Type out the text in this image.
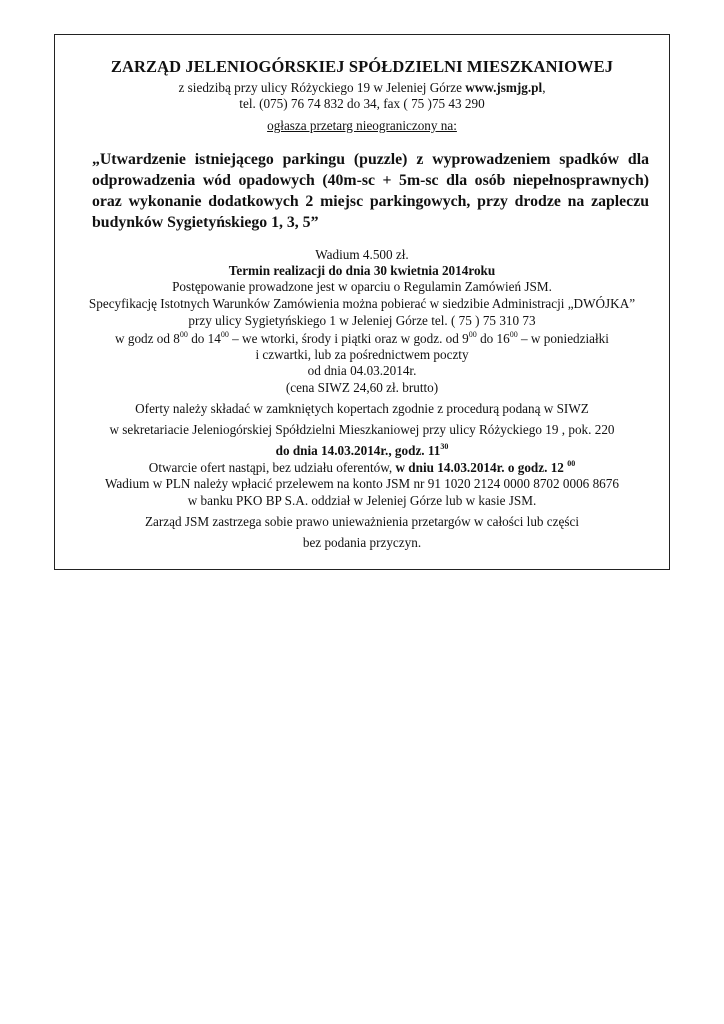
ZARZĄD JELENIOGÓRSKIEJ SPÓŁDZIELNI MIESZKANIOWEJ
z siedzibą przy ulicy Różyckiego 19 w Jeleniej Górze www.jsmjg.pl,
tel. (075) 76 74 832 do 34, fax ( 75 )75 43 290
ogłasza przetarg nieograniczony na:
„Utwardzenie istniejącego parkingu (puzzle) z wyprowadzeniem spadków dla odprowadzenia wód opadowych (40m-sc + 5m-sc dla osób niepełnosprawnych) oraz wykonanie dodatkowych 2 miejsc parkingowych, przy drodze na zapleczu budynków Sygietyńskiego 1, 3, 5”
Wadium 4.500 zł.
Termin realizacji do dnia 30 kwietnia 2014roku
Postępowanie prowadzone jest w oparciu o Regulamin Zamówień JSM.
Specyfikację Istotnych Warunków Zamówienia można pobierać w siedzibie Administracji „DWÓJKA”
przy ulicy Sygietyńskiego 1 w Jeleniej Górze tel. ( 75 ) 75 310 73
w godz od $8^{00}$ do $14^{00}$ – we wtorki, środy i piątki oraz w godz. od $9^{00}$ do $16^{00}$ – w poniedziałki
i czwartki, lub za pośrednictwem poczty
od dnia 04.03.2014r.
(cena SIWZ 24,60 zł. brutto)
Oferty należy składać w zamkniętych kopertach zgodnie z procedurą podaną w SIWZ
w sekretariacie Jeleniogórskiej Spółdzielni Mieszkaniowej przy ulicy Różyckiego 19 , pok. 220
do dnia 14.03.2014r., godz. $11^{30}$
Otwarcie ofert nastąpi, bez udziału oferentów, w dniu 14.03.2014r. o godz. 12 $^{00}$
Wadium w PLN należy wpłacić przelewem na konto JSM nr 91 1020 2124 0000 8702 0006 8676
w banku PKO BP S.A. oddział w Jeleniej Górze lub w kasie JSM.
Zarząd JSM zastrzega sobie prawo unieważnienia przetargów w całości lub części
bez podania przyczyn.
